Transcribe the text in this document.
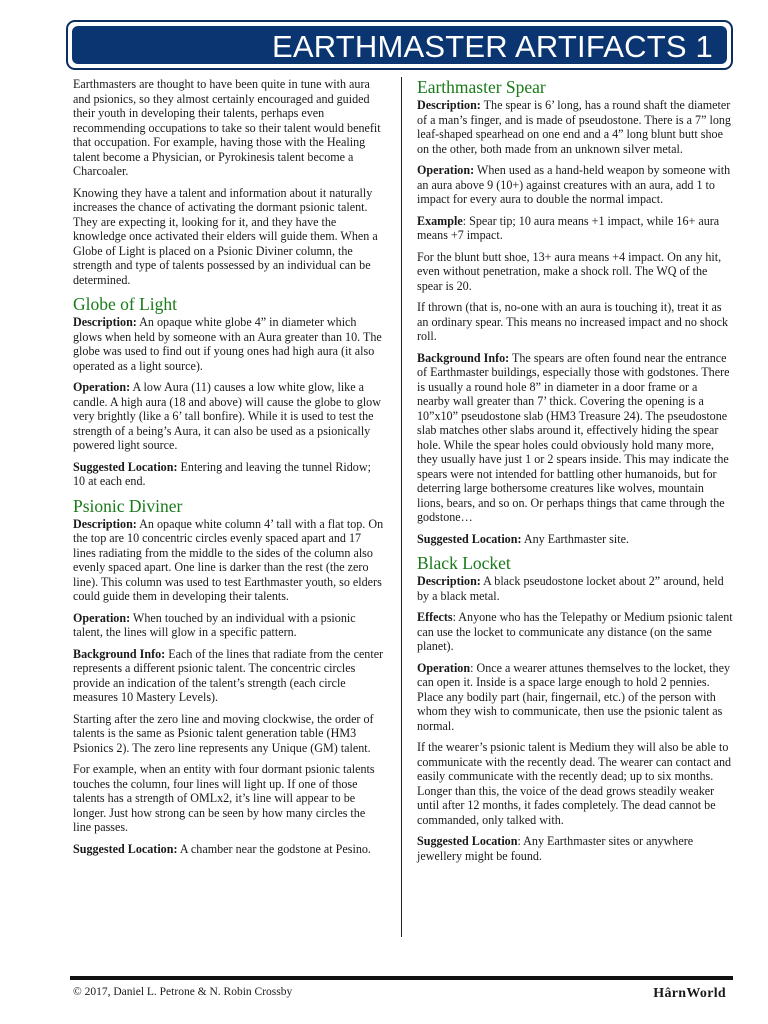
EARTHMASTER ARTIFACTS 1

Earthmasters are thought to have been quite in tune with aura and psionics, so they almost certainly encouraged and guided their youth in developing their talents, perhaps even recommending occupations to take so their talent would benefit that occupation. For example, having those with the Healing talent become a Physician, or Pyrokinesis talent become a Charcoaler.

Knowing they have a talent and information about it naturally increases the chance of activating the dormant psionic talent. They are expecting it, looking for it, and they have the knowledge once activated their elders will guide them. When a Globe of Light is placed on a Psionic Diviner column, the strength and type of talents possessed by an individual can be determined.

Globe of Light

Description: An opaque white globe 4” in diameter which glows when held by someone with an Aura greater than 10. The globe was used to find out if young ones had high aura (it also operated as a light source).

Operation: A low Aura (11) causes a low white glow, like a candle. A high aura (18 and above) will cause the globe to glow very brightly (like a 6’ tall bonfire). While it is used to test the strength of a being’s Aura, it can also be used as a psionically powered light source.

Suggested Location: Entering and leaving the tunnel Ridow; 10 at each end.

Psionic Diviner

Description: An opaque white column 4’ tall with a flat top. On the top are 10 concentric circles evenly spaced apart and 17 lines radiating from the middle to the sides of the column also evenly spaced apart. One line is darker than the rest (the zero line). This column was used to test Earthmaster youth, so elders could guide them in developing their talents.

Operation: When touched by an individual with a psionic talent, the lines will glow in a specific pattern.

Background Info: Each of the lines that radiate from the center represents a different psionic talent. The concentric circles provide an indication of the talent’s strength (each circle measures 10 Mastery Levels).

Starting after the zero line and moving clockwise, the order of talents is the same as Psionic talent generation table (HM3 Psionics 2). The zero line represents any Unique (GM) talent.

For example, when an entity with four dormant psionic talents touches the column, four lines will light up. If one of those talents has a strength of OMLx2, it’s line will appear to be longer. Just how strong can be seen by how many circles the line passes.

Suggested Location: A chamber near the godstone at Pesino.

Earthmaster Spear

Description: The spear is 6’ long, has a round shaft the diameter of a man’s finger, and is made of pseudostone. There is a 7” long leaf-shaped spearhead on one end and a 4” long blunt butt shoe on the other, both made from an unknown silver metal.

Operation: When used as a hand-held weapon by someone with an aura above 9 (10+) against creatures with an aura, add 1 to impact for every aura to double the normal impact.

Example: Spear tip; 10 aura means +1 impact, while 16+ aura means +7 impact.

For the blunt butt shoe, 13+ aura means +4 impact. On any hit, even without penetration, make a shock roll. The WQ of the spear is 20.

If thrown (that is, no-one with an aura is touching it), treat it as an ordinary spear. This means no increased impact and no shock roll.

Background Info: The spears are often found near the entrance of Earthmaster buildings, especially those with godstones. There is usually a round hole 8” in diameter in a door frame or a nearby wall greater than 7’ thick. Covering the opening is a 10”x10” pseudostone slab (HM3 Treasure 24). The pseudostone slab matches other slabs around it, effectively hiding the spear hole. While the spear holes could obviously hold many more, they usually have just 1 or 2 spears inside. This may indicate the spears were not intended for battling other humanoids, but for deterring large bothersome creatures like wolves, mountain lions, bears, and so on. Or perhaps things that came through the godstone…

Suggested Location: Any Earthmaster site.

Black Locket

Description: A black pseudostone locket about 2” around, held by a black metal.

Effects: Anyone who has the Telepathy or Medium psionic talent can use the locket to communicate any distance (on the same planet).

Operation: Once a wearer attunes themselves to the locket, they can open it. Inside is a space large enough to hold 2 pennies. Place any bodily part (hair, fingernail, etc.) of the person with whom they wish to communicate, then use the psionic talent as normal.

If the wearer’s psionic talent is Medium they will also be able to communicate with the recently dead. The wearer can contact and easily communicate with the recently dead; up to six months. Longer than this, the voice of the dead grows steadily weaker until after 12 months, it fades completely. The dead cannot be commanded, only talked with.

Suggested Location: Any Earthmaster sites or anywhere jewellery might be found.

© 2017, Daniel L. Petrone & N. Robin Crossby	HârnWorld
